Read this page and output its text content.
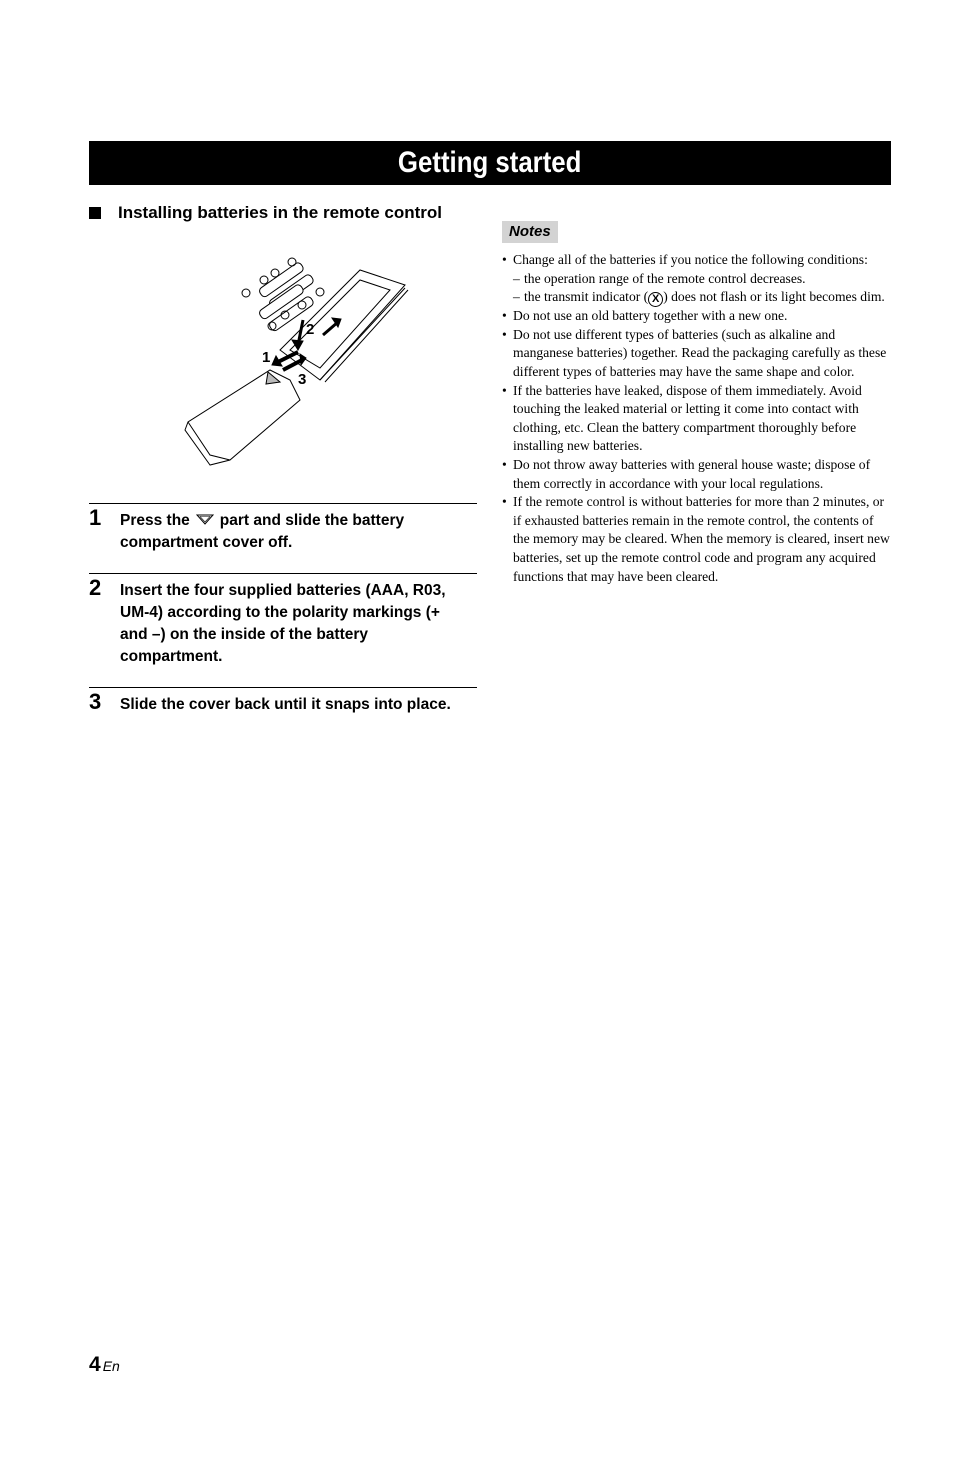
Getting started
Installing batteries in the remote control
1
2
3
1 Press the part and slide the battery compartment cover off.
2 Insert the four supplied batteries (AAA, R03, UM-4) according to the polarity markings (+ and –) on the inside of the battery compartment.
3 Slide the cover back until it snaps into place.
Notes
• Change all of the batteries if you notice the following conditions:
– the operation range of the remote control decreases.
– the transmit indicator ( X ) does not flash or its light becomes dim.
• Do not use an old battery together with a new one.
• Do not use different types of batteries (such as alkaline and manganese batteries) together. Read the packaging carefully as these different types of batteries may have the same shape and color.
• If the batteries have leaked, dispose of them immediately. Avoid touching the leaked material or letting it come into contact with clothing, etc. Clean the battery compartment thoroughly before installing new batteries.
• Do not throw away batteries with general house waste; dispose of them correctly in accordance with your local regulations.
• If the remote control is without batteries for more than 2 minutes, or if exhausted batteries remain in the remote control, the contents of the memory may be cleared. When the memory is cleared, insert new batteries, set up the remote control code and program any acquired functions that may have been cleared.
4 En
